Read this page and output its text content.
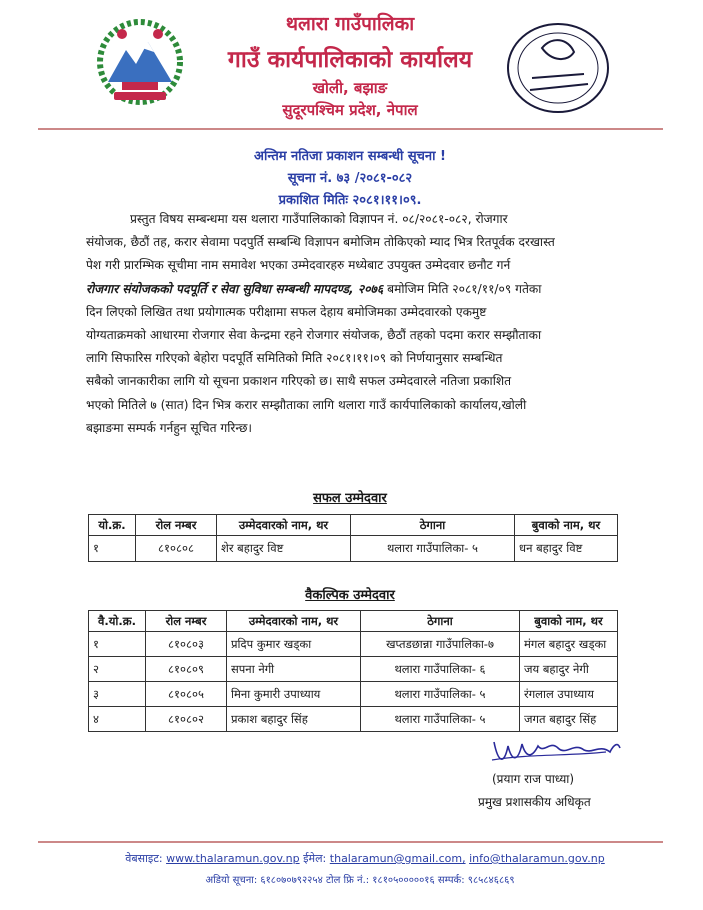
थलारा गाउँपालिका
गाउँ कार्यपालिकाको कार्यालय
खोली, बझाङ
सुदूरपश्चिम प्रदेश, नेपाल
अन्तिम नतिजा प्रकाशन सम्बन्धी सूचना !
सूचना नं. ७३ /२०८१-०८२
प्रकाशित मितिः २०८१।११।०९.
प्रस्तुत विषय सम्बन्धमा यस थलारा गाउँपालिकाको विज्ञापन नं. ०८/२०८१-०८२, रोजगार
संयोजक, छैठौं तह, करार सेवामा पदपुर्ति सम्बन्धि विज्ञापन बमोजिम तोकिएको म्याद भित्र रितपूर्वक दरखास्त
पेश गरी प्रारम्भिक सूचीमा नाम समावेश भएका उम्मेदवारहरु मध्येबाट उपयुक्त उम्मेदवार छनौट गर्न
रोजगार संयोजकको पदपूर्ति र सेवा सुविधा सम्बन्धी मापदण्ड, २०७६ बमोजिम मिति २०८१/११/०९ गतेका
दिन लिएको लिखित तथा प्रयोगात्मक परीक्षामा सफल देहाय बमोजिमका उम्मेदवारको एकमुष्ट
योग्यताक्रमको आधारमा रोजगार सेवा केन्द्रमा रहने रोजगार संयोजक, छैठौं तहको पदमा करार सम्झौताका
लागि सिफारिस गरिएको बेहोरा पदपूर्ति समितिको मिति २०८१।११।०९ को निर्णयानुसार सम्बन्धित
सबैको जानकारीका लागि यो सूचना प्रकाशन गरिएको छ। साथै सफल उम्मेदवारले नतिजा प्रकाशित
भएको मितिले ७ (सात) दिन भित्र करार सम्झौताका लागि थलारा गाउँ कार्यपालिकाको कार्यालय,खोली
बझाङमा सम्पर्क गर्नहुन सूचित गरिन्छ।
सफल उम्मेदवार
यो.क्र.	रोल नम्बर	उम्मेदवारको नाम, थर	ठेगाना	बुवाको नाम, थर
१	८१०८०८	शेर बहादुर विष्ट	थलारा गाउँपालिका- ५	धन बहादुर विष्ट
वैकल्पिक उम्मेदवार
वै.यो.क्र.	रोल नम्बर	उम्मेदवारको नाम, थर	ठेगाना	बुवाको नाम, थर
१	८१०८०३	प्रदिप कुमार खड्का	खप्तडछान्ना गाउँपालिका-७	मंगल बहादुर खड्का
२	८१०८०९	सपना नेगी	थलारा गाउँपालिका- ६	जय बहादुर नेगी
३	८१०८०५	मिना कुमारी उपाध्याय	थलारा गाउँपालिका- ५	रंगलाल उपाध्याय
४	८१०८०२	प्रकाश बहादुर सिंह	थलारा गाउँपालिका- ५	जगत बहादुर सिंह
(प्रयाग राज पाध्या)
प्रमुख प्रशासकीय अधिकृत
वेबसाइट: www.thalaramun.gov.np ईमेल: thalaramun@gmail.com, info@thalaramun.gov.np
अडियो सूचना: ६१८०७०७९२२५४ टोल फ्रि नं.: १८१०५०००००१६ सम्पर्क: ९८५८४६८६९
